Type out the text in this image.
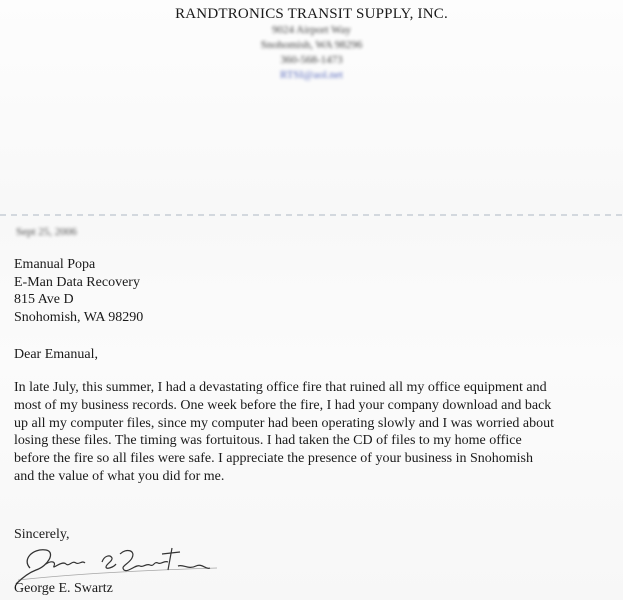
RANDTRONICS TRANSIT SUPPLY, INC.
9024 Airport Way
Snohomish, WA 98296
360-568-1473
RTSI@aol.net
Sept 25, 2006
Emanual Popa
E-Man Data Recovery
815 Ave D
Snohomish, WA 98290
Dear Emanual,
In late July, this summer, I had a devastating office fire that ruined all my office equipment and
most of my business records. One week before the fire, I had your company download and back
up all my computer files, since my computer had been operating slowly and I was worried about
losing these files. The timing was fortuitous. I had taken the CD of files to my home office
before the fire so all files were safe. I appreciate the presence of your business in Snohomish
and the value of what you did for me.
Sincerely,
George E. Swartz
